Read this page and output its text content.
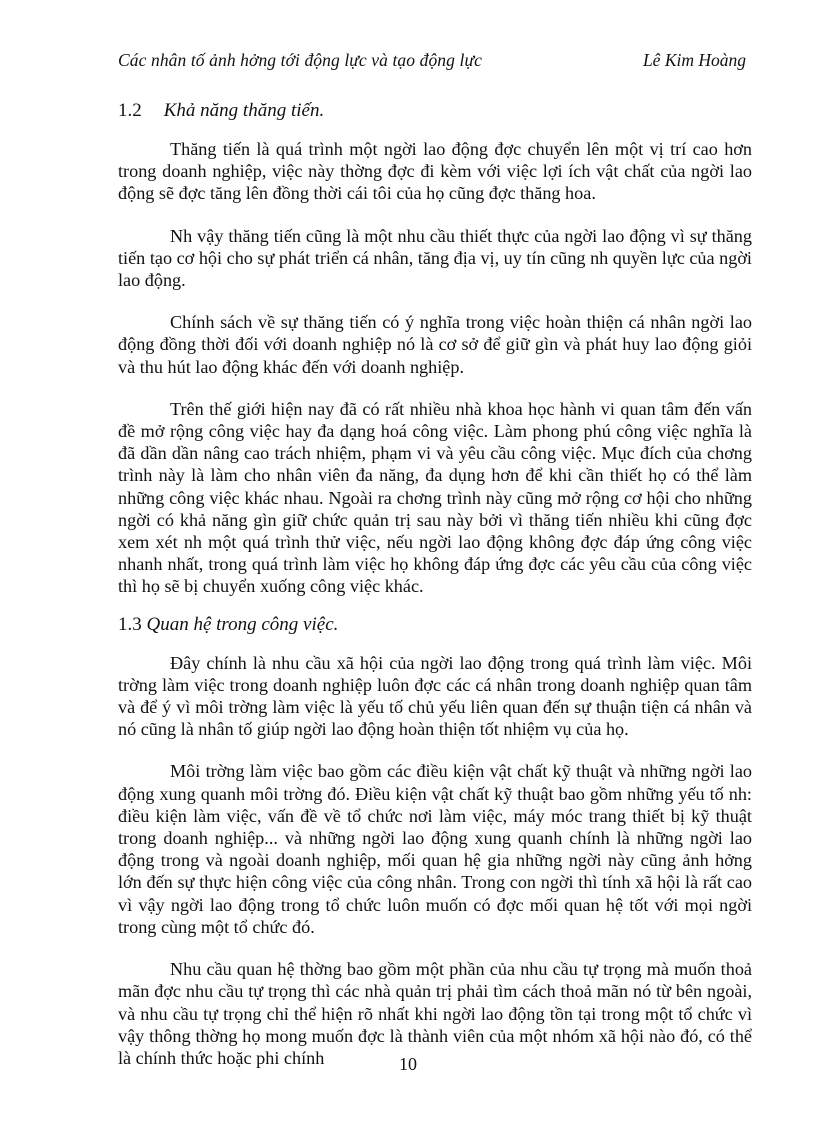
Các nhân tố ảnh hởng tới động lực và tạo động lực	Lê Kim Hoàng
1.2 Khả năng thăng tiến.

Thăng tiến là quá trình một ngời lao động đợc chuyển lên một vị trí cao hơn trong doanh nghiệp, việc này thờng đợc đi kèm với việc lợi ích vật chất của ngời lao động sẽ đợc tăng lên đồng thời cái tôi của họ cũng đợc thăng hoa.

Nh vậy thăng tiến cũng là một nhu cầu thiết thực của ngời lao động vì sự thăng tiến tạo cơ hội cho sự phát triển cá nhân, tăng địa vị, uy tín cũng nh quyền lực của ngời lao động.

Chính sách về sự thăng tiến có ý nghĩa trong việc hoàn thiện cá nhân ngời lao động đồng thời đối với doanh nghiệp nó là cơ sở để giữ gìn và phát huy lao động giỏi và thu hút lao động khác đến với doanh nghiệp.

Trên thế giới hiện nay đã có rất nhiều nhà khoa học hành vi quan tâm đến vấn đề mở rộng công việc hay đa dạng hoá công việc. Làm phong phú công việc nghĩa là đã dần dần nâng cao trách nhiệm, phạm vi và yêu cầu công việc. Mục đích của chơng trình này là làm cho nhân viên đa năng, đa dụng hơn để khi cần thiết họ có thể làm những công việc khác nhau. Ngoài ra chơng trình này cũng mở rộng cơ hội cho những ngời có khả năng gìn giữ chức quản trị sau này bởi vì thăng tiến nhiều khi cũng đợc xem xét nh một quá trình thử việc, nếu ngời lao động không đợc đáp ứng công việc nhanh nhất, trong quá trình làm việc họ không đáp ứng đợc các yêu cầu của công việc thì họ sẽ bị chuyển xuống công việc khác.

1.3 Quan hệ trong công việc.

Đây chính là nhu cầu xã hội của ngời lao động trong quá trình làm việc. Môi trờng làm việc trong doanh nghiệp luôn đợc các cá nhân trong doanh nghiệp quan tâm và để ý vì môi trờng làm việc là yếu tố chủ yếu liên quan đến sự thuận tiện cá nhân và nó cũng là nhân tố giúp ngời lao động hoàn thiện tốt nhiệm vụ của họ.

Môi trờng làm việc bao gồm các điều kiện vật chất kỹ thuật và những ngời lao động xung quanh môi trờng đó. Điều kiện vật chất kỹ thuật bao gồm những yếu tố nh: điều kiện làm việc, vấn đề về tổ chức nơi làm việc, máy móc trang thiết bị kỹ thuật trong doanh nghiệp... và những ngời lao động xung quanh chính là những ngời lao động trong và ngoài doanh nghiệp, mối quan hệ gia những ngời này cũng ảnh hởng lớn đến sự thực hiện công việc của công nhân. Trong con ngời thì tính xã hội là rất cao vì vậy ngời lao động trong tổ chức luôn muốn có đợc mối quan hệ tốt với mọi ngời trong cùng một tổ chức đó.

Nhu cầu quan hệ thờng bao gồm một phần của nhu cầu tự trọng mà muốn thoả mãn đợc nhu cầu tự trọng thì các nhà quản trị phải tìm cách thoả mãn nó từ bên ngoài, và nhu cầu tự trọng chỉ thể hiện rõ nhất khi ngời lao động tồn tại trong một tổ chức vì vậy thông thờng họ mong muốn đợc là thành viên của một nhóm xã hội nào đó, có thể là chính thức hoặc phi chính	10
